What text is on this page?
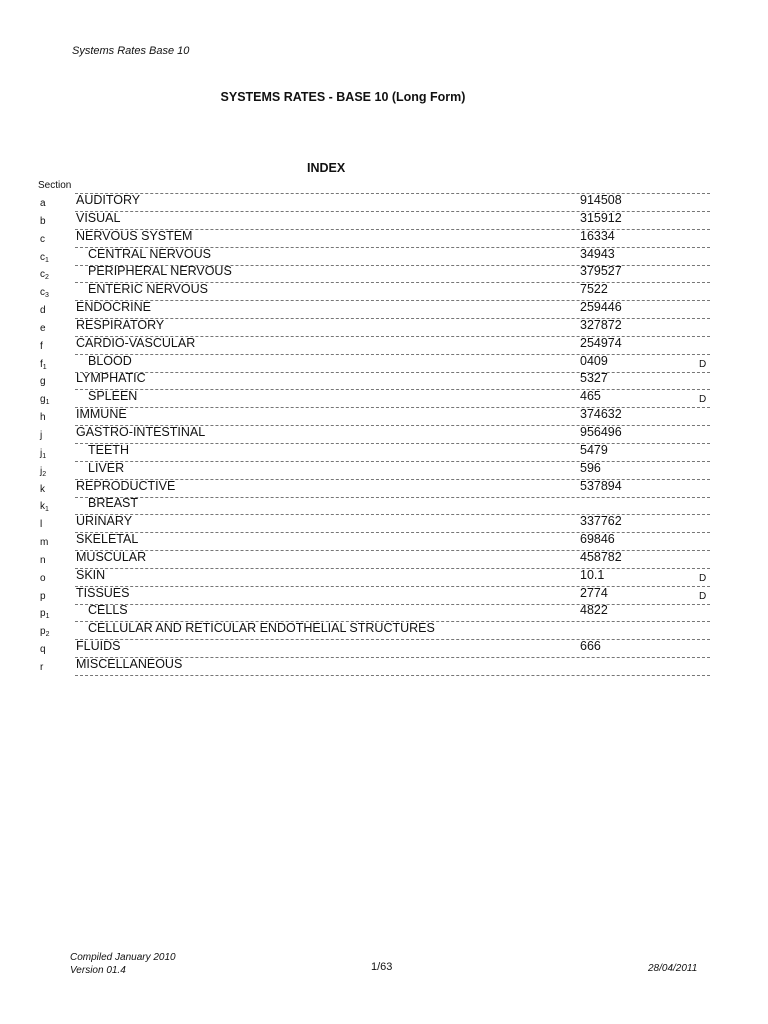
Systems Rates Base 10
SYSTEMS RATES - BASE 10 (Long Form)
INDEX
Section
a	AUDITORY	914508
b	VISUAL	315912
c	NERVOUS SYSTEM	16334
$c_1$	CENTRAL NERVOUS	34943
$c_2$	PERIPHERAL NERVOUS	379527
$c_3$	ENTERIC NERVOUS	7522
d	ENDOCRINE	259446
e	RESPIRATORY	327872
f	CARDIO-VASCULAR	254974
$f_1$	BLOOD	0409	D
g	LYMPHATIC	5327
$g_1$	SPLEEN	465	D
h	IMMUNE	374632
j	GASTRO-INTESTINAL	956496
$j_1$	TEETH	5479
$j_2$	LIVER	596
k	REPRODUCTIVE	537894
$k_1$	BREAST
l	URINARY	337762
m	SKELETAL	69846
n	MUSCULAR	458782
o	SKIN	10.1	D
p	TISSUES	2774	D
$p_1$	CELLS	4822
$p_2$	CELLULAR AND RETICULAR ENDOTHELIAL STRUCTURES
q	FLUIDS	666
r	MISCELLANEOUS
Compiled January 2010
Version 01.4	1/63	28/04/2011
